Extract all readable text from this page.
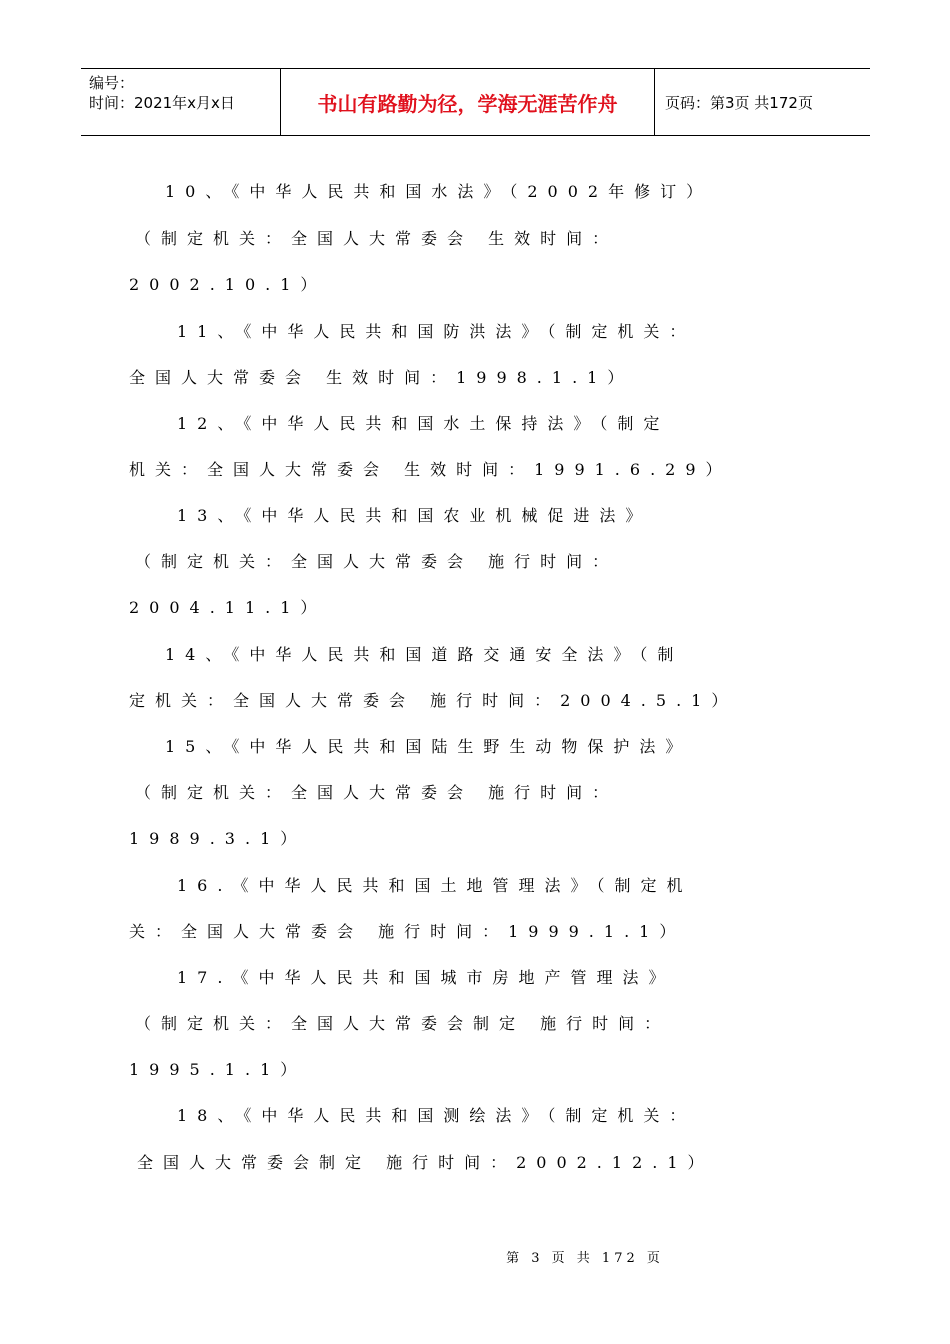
编号：
时间：2021年x月x日	书山有路勤为径，学海无涯苦作舟	页码：第3页 共172页
10、《中华人民共和国水法》（2002年修订）
（制定机关：全国人大常委会 生效时间：
2002.10.1）
11、《中华人民共和国防洪法》（制定机关：
全国人大常委会 生效时间：1998.1.1）
12、《中华人民共和国水土保持法》（制定
机关：全国人大常委会 生效时间：1991.6.29）
13、《中华人民共和国农业机械促进法》
（制定机关：全国人大常委会 施行时间：
2004.11.1）
14、《中华人民共和国道路交通安全法》（制
定机关：全国人大常委会 施行时间：2004.5.1）
15、《中华人民共和国陆生野生动物保护法》
（制定机关：全国人大常委会 施行时间：
1989.3.1）
16.《中华人民共和国土地管理法》（制定机
关：全国人大常委会 施行时间：1999.1.1）
17.《中华人民共和国城市房地产管理法》
（制定机关：全国人大常委会制定 施行时间：
1995.1.1）
18、《中华人民共和国测绘法》（制定机关：
全国人大常委会制定 施行时间：2002.12.1）
第 3 页 共 172 页
